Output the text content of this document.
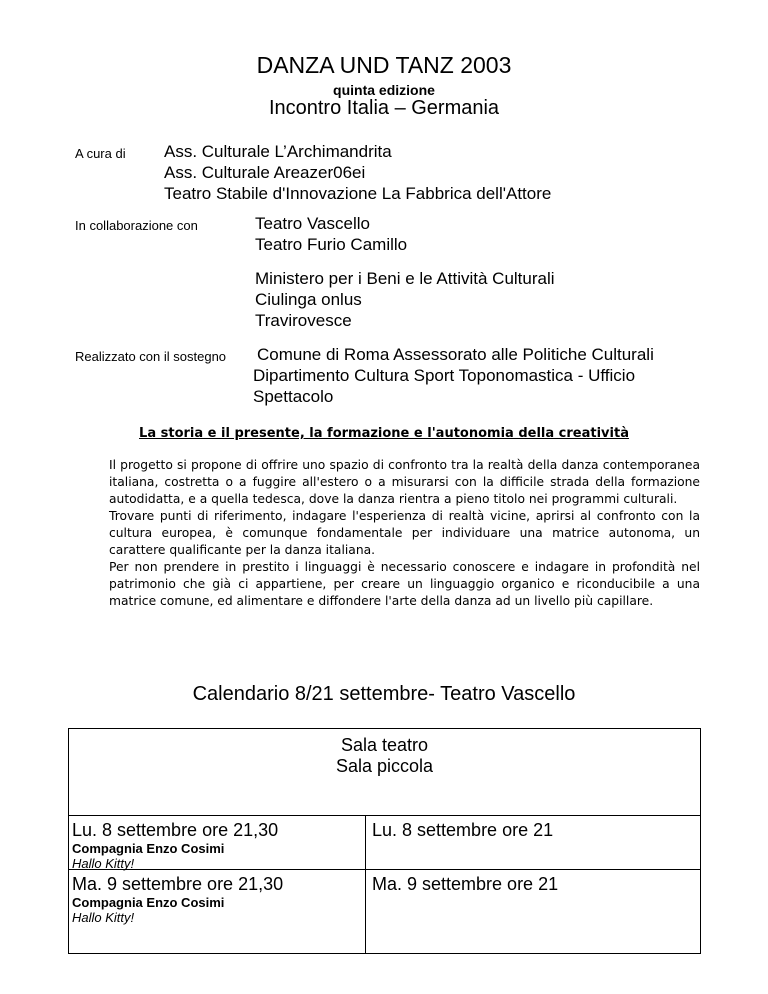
DANZA UND TANZ 2003
quinta edizione
Incontro Italia – Germania
A cura di Ass. Culturale L’Archimandrita
Ass. Culturale Areazer06ei
Teatro Stabile d'Innovazione La Fabbrica dell'Attore
In collaborazione con	Teatro Vascello
Teatro Furio Camillo
Ministero per i Beni e le Attività Culturali
Ciulinga onlus
Travirovesce
Realizzato con il sostegno Comune di Roma Assessorato alle Politiche Culturali
Dipartimento Cultura Sport Toponomastica - Ufficio
Spettacolo
La storia e il presente, la formazione e l'autonomia della creatività

Il progetto si propone di offrire uno spazio di confronto tra la realtà della danza contemporanea italiana, costretta o a fuggire all'estero o a misurarsi con la difficile strada della formazione autodidatta, e a quella tedesca, dove la danza rientra a pieno titolo nei programmi culturali.

Trovare punti di riferimento, indagare l'esperienza di realtà vicine, aprirsi al confronto con la cultura europea, è comunque fondamentale per individuare una matrice autonoma, un carattere qualificante per la danza italiana.

Per non prendere in prestito i linguaggi è necessario conoscere e indagare in profondità nel patrimonio che già ci appartiene, per creare un linguaggio organico e riconducibile a una matrice comune, ed alimentare e diffondere l'arte della danza ad un livello più capillare.

Calendario 8/21 settembre- Teatro Vascello
Sala teatro
Sala piccola
Lu. 8 settembre ore 21,30
Compagnia Enzo Cosimi
Hallo Kitty!
Lu. 8 settembre ore 21
Ma. 9 settembre ore 21,30
Compagnia Enzo Cosimi
Hallo Kitty!
Ma. 9 settembre ore 21
